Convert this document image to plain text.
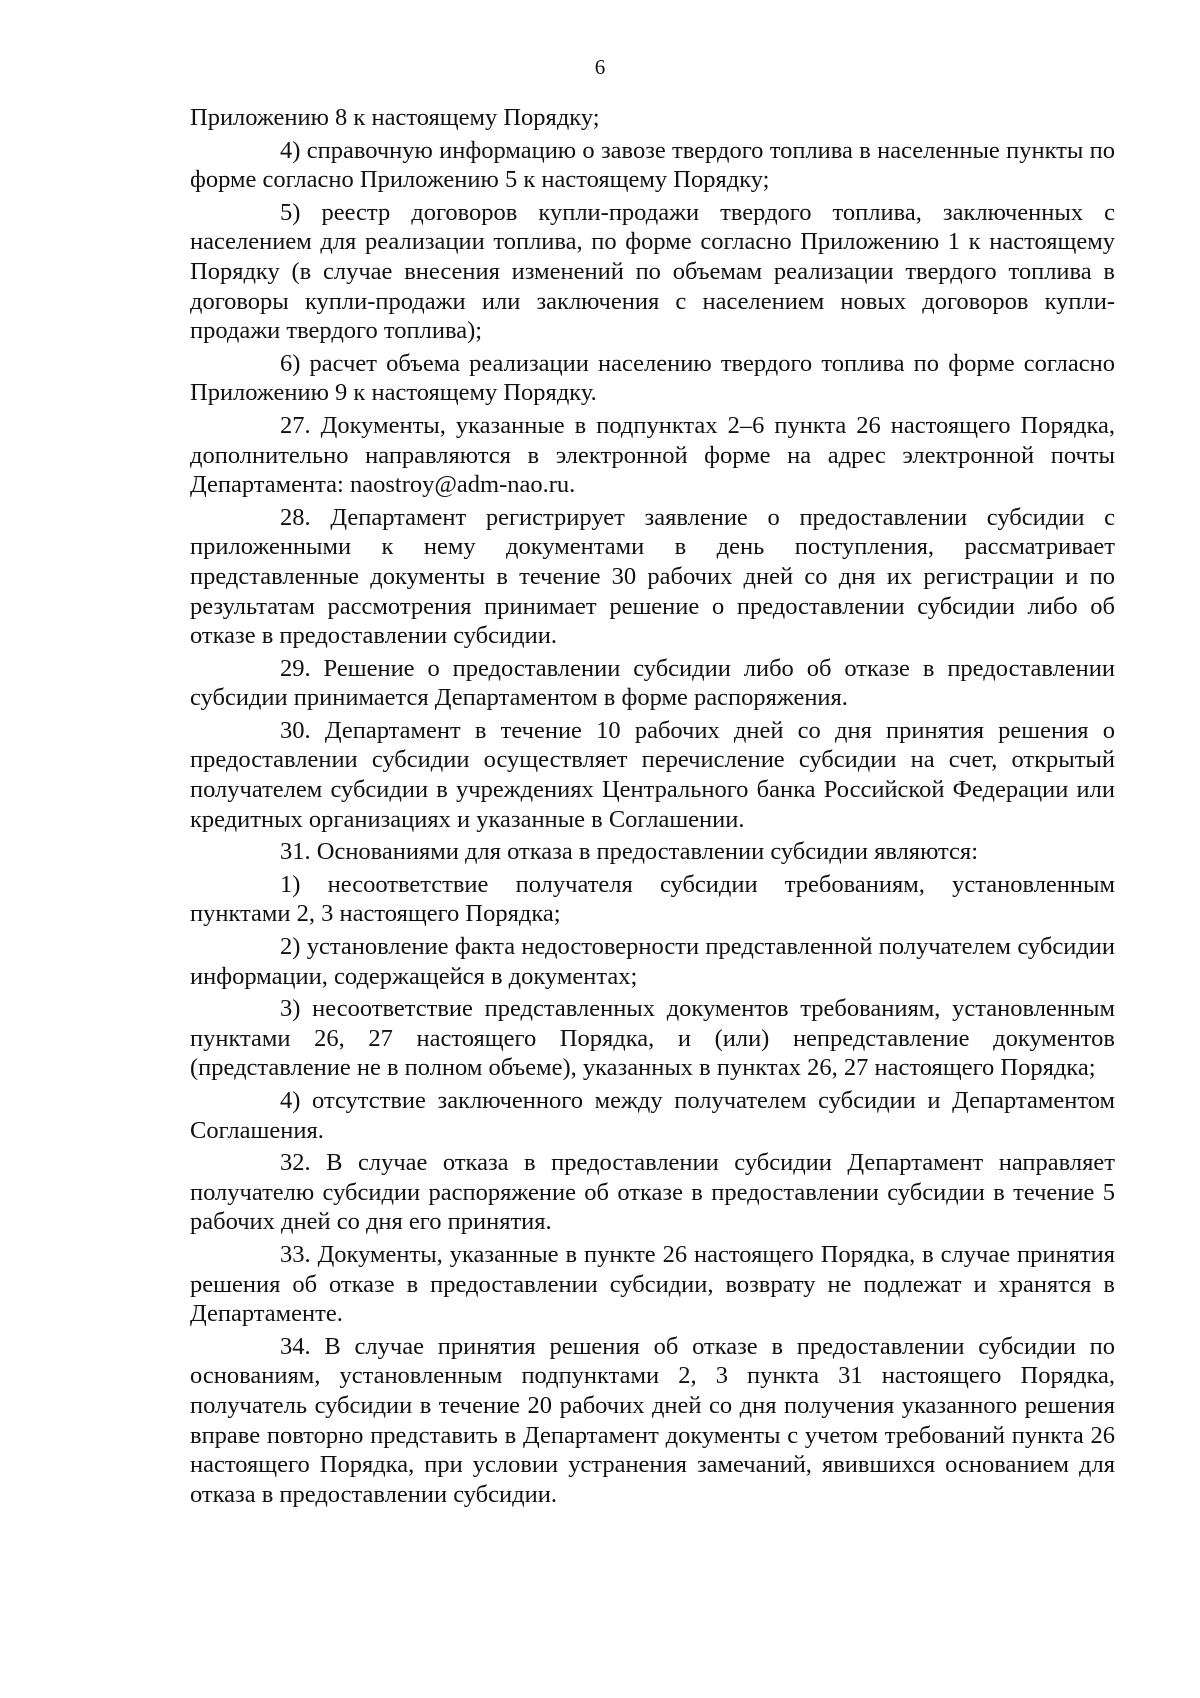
6

Приложению 8 к настоящему Порядку;

4) справочную информацию о завозе твердого топлива в населенные пункты по форме согласно Приложению 5 к настоящему Порядку;

5) реестр договоров купли-продажи твердого топлива, заключенных с населением для реализации топлива, по форме согласно Приложению 1 к настоящему Порядку (в случае внесения изменений по объемам реализации твердого топлива в договоры купли-продажи или заключения с населением новых договоров купли-продажи твердого топлива);

6) расчет объема реализации населению твердого топлива по форме согласно Приложению 9 к настоящему Порядку.

27. Документы, указанные в подпунктах 2–6 пункта 26 настоящего Порядка, дополнительно направляются в электронной форме на адрес электронной почты Департамента: naostroy@adm-nao.ru.

28. Департамент регистрирует заявление о предоставлении субсидии с приложенными к нему документами в день поступления, рассматривает представленные документы в течение 30 рабочих дней со дня их регистрации и по результатам рассмотрения принимает решение о предоставлении субсидии либо об отказе в предоставлении субсидии.

29. Решение о предоставлении субсидии либо об отказе в предоставлении субсидии принимается Департаментом в форме распоряжения.

30. Департамент в течение 10 рабочих дней со дня принятия решения о предоставлении субсидии осуществляет перечисление субсидии на счет, открытый получателем субсидии в учреждениях Центрального банка Российской Федерации или кредитных организациях и указанные в Соглашении.

31. Основаниями для отказа в предоставлении субсидии являются:

1) несоответствие получателя субсидии требованиям, установленным пунктами 2, 3 настоящего Порядка;

2) установление факта недостоверности представленной получателем субсидии информации, содержащейся в документах;

3) несоответствие представленных документов требованиям, установленным пунктами 26, 27 настоящего Порядка, и (или) непредставление документов (представление не в полном объеме), указанных в пунктах 26, 27 настоящего Порядка;

4) отсутствие заключенного между получателем субсидии и Департаментом Соглашения.

32. В случае отказа в предоставлении субсидии Департамент направляет получателю субсидии распоряжение об отказе в предоставлении субсидии в течение 5 рабочих дней со дня его принятия.

33. Документы, указанные в пункте 26 настоящего Порядка, в случае принятия решения об отказе в предоставлении субсидии, возврату не подлежат и хранятся в Департаменте.

34. В случае принятия решения об отказе в предоставлении субсидии по основаниям, установленным подпунктами 2, 3 пункта 31 настоящего Порядка, получатель субсидии в течение 20 рабочих дней со дня получения указанного решения вправе повторно представить в Департамент документы с учетом требований пункта 26 настоящего Порядка, при условии устранения замечаний, явившихся основанием для отказа в предоставлении субсидии.
